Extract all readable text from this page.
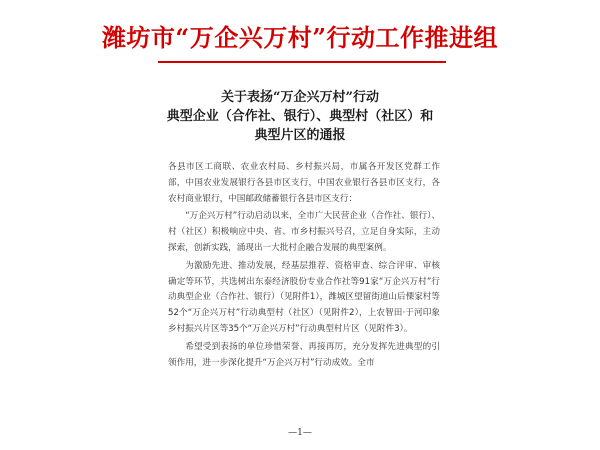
潍坊市“万企兴万村”行动工作推进组
关于表扬“万企兴万村”行动
典型企业（合作社、银行）、典型村（社区）和
典型片区的通报

各县市区工商联、农业农村局、乡村振兴局，市属各开发区党群工作部，中国农业发展银行各县市区支行，中国农业银行各县市区支行，各农村商业银行，中国邮政储蓄银行各县市区支行：

“万企兴万村”行动启动以来，全市广大民营企业（合作社、银行）、村（社区）积极响应中央、省、市乡村振兴号召，立足自身实际，主动探索，创新实践，涌现出一大批村企融合发展的典型案例。

为激励先进、推动发展，经基层推荐、资格审查、综合评审、审核确定等环节，共选树出东泰经济股份专业合作社等91家“万企兴万村”行动典型企业（合作社、银行）（见附件1），潍城区望留街道山后傈家村等52个“万企兴万村”行动典型村（社区）（见附件2），上农智田·于河印象乡村振兴片区等35个“万企兴万村”行动典型村片区（见附件3）。

希望受到表扬的单位珍惜荣誉、再接再厉，充分发挥先进典型的引领作用，进一步深化提升“万企兴万村”行动成效。全市

—1—
